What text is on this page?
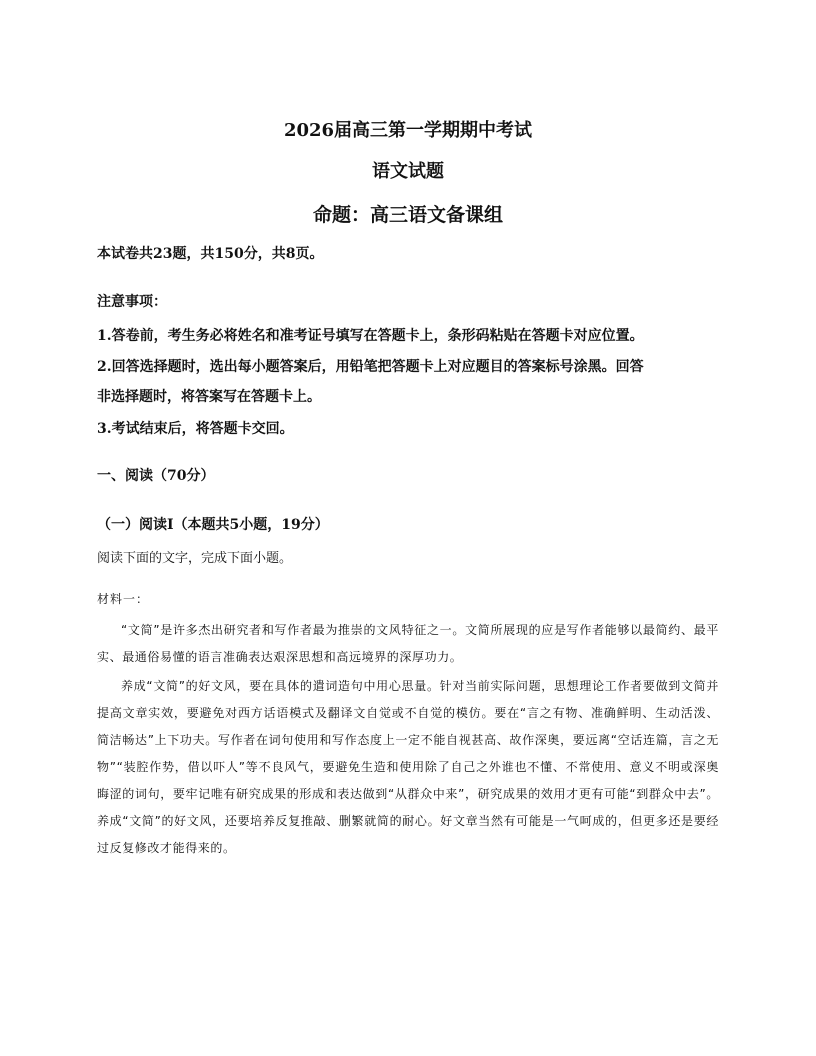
2026届高三第一学期期中考试
语文试题
命题：高三语文备课组
本试卷共23题，共150分，共8页。
注意事项：
1.答卷前，考生务必将姓名和准考证号填写在答题卡上，条形码粘贴在答题卡对应位置。
2.回答选择题时，选出每小题答案后，用铅笔把答题卡上对应题目的答案标号涂黑。回答
非选择题时，将答案写在答题卡上。
3.考试结束后，将答题卡交回。
一、阅读（70分）
（一）阅读Ⅰ（本题共5小题，19分）
阅读下面的文字，完成下面小题。
材料一：

“文简”是许多杰出研究者和写作者最为推崇的文风特征之一。文简所展现的应是写作者能够以最简约、最平实、最通俗易懂的语言准确表达艰深思想和高远境界的深厚功力。

养成“文简”的好文风，要在具体的遣词造句中用心思量。针对当前实际问题，思想理论工作者要做到文简并提高文章实效，要避免对西方话语模式及翻译文自觉或不自觉的模仿。要在“言之有物、准确鲜明、生动活泼、简洁畅达”上下功夫。写作者在词句使用和写作态度上一定不能自视甚高、故作深奥，要远离“空话连篇，言之无物”“装腔作势，借以吓人”等不良风气，要避免生造和使用除了自己之外谁也不懂、不常使用、意义不明或深奥晦涩的词句，要牢记唯有研究成果的形成和表达做到“从群众中来”，研究成果的效用才更有可能“到群众中去”。养成“文简”的好文风，还要培养反复推敲、删繁就简的耐心。好文章当然有可能是一气呵成的，但更多还是要经过反复修改才能得来的。
